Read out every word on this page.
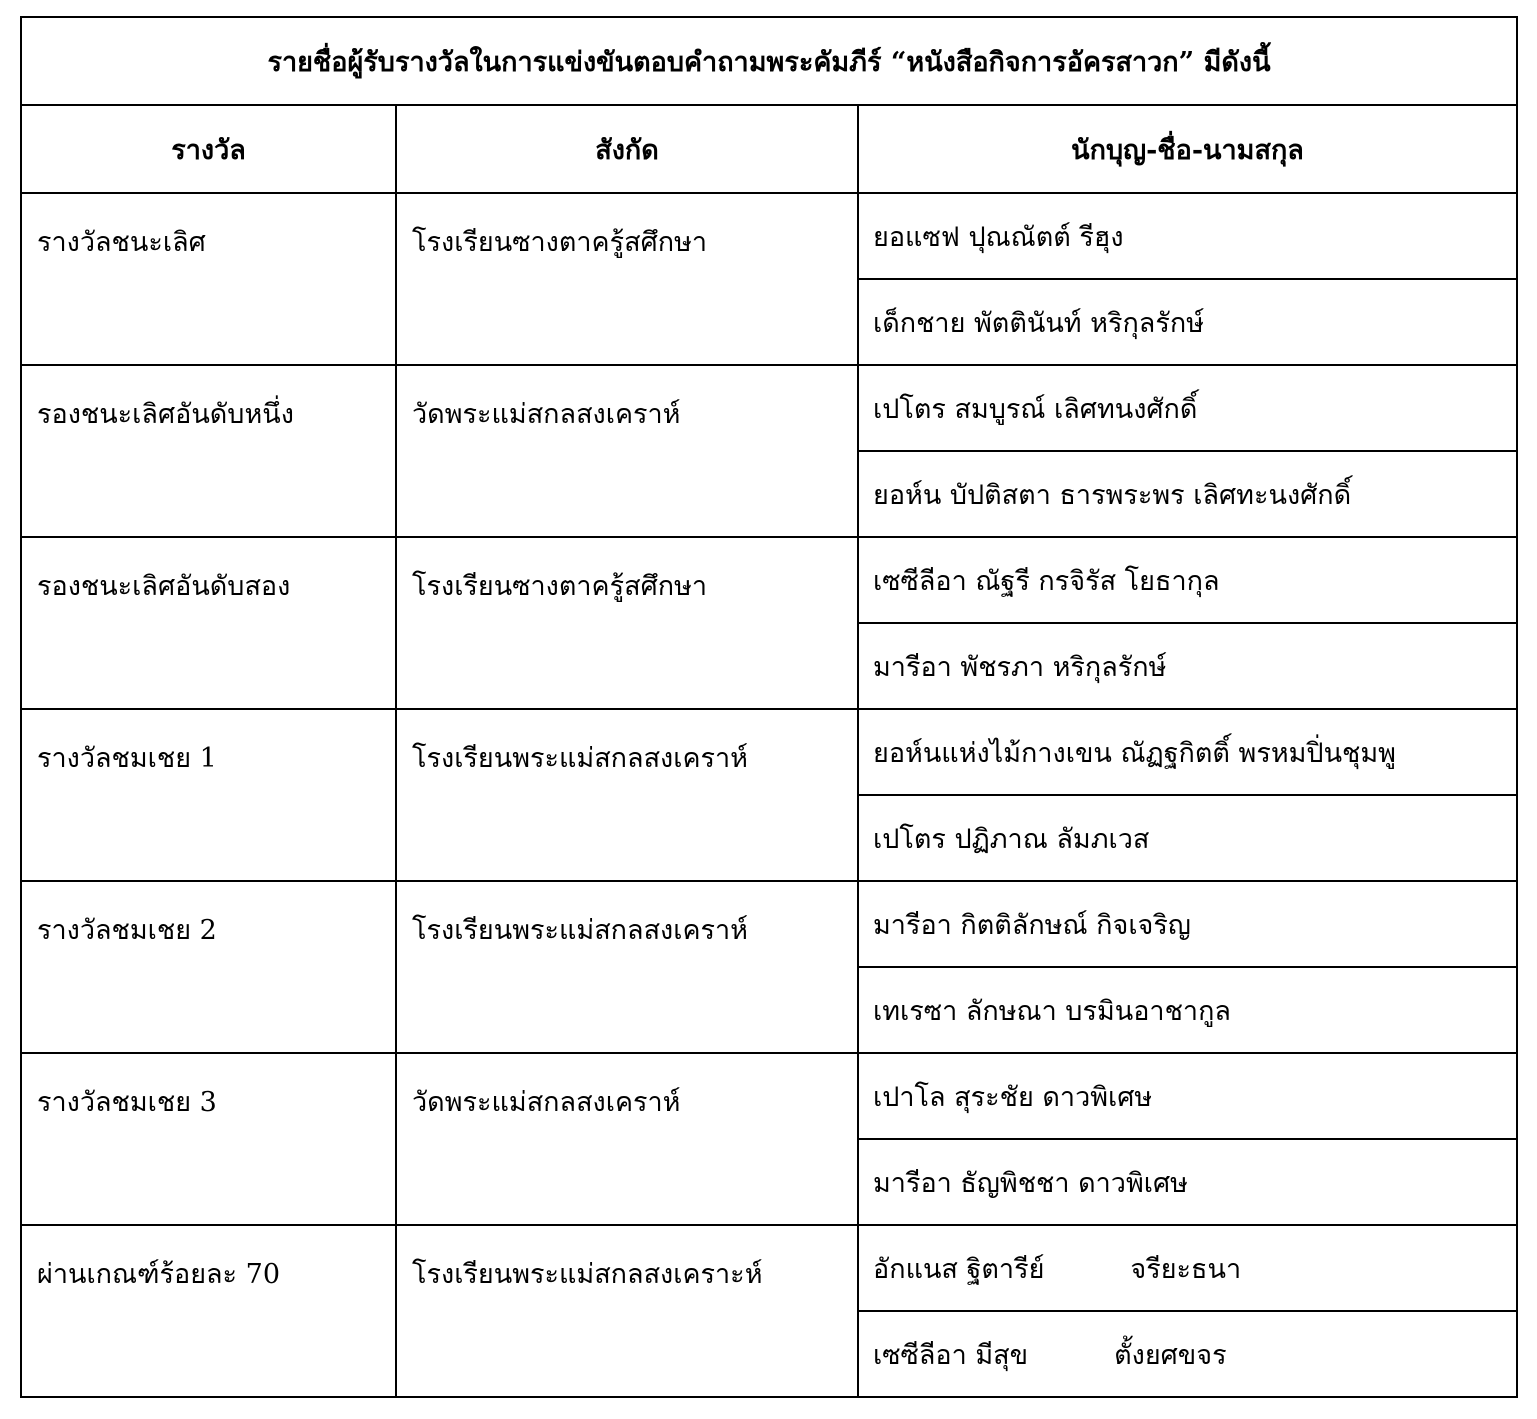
รายชื่อผู้รับรางวัลในการแข่งขันตอบคำถามพระคัมภีร์ “หนังสือกิจการอัครสาวก” มีดังนี้		
รางวัล	สังกัด	นักบุญ-ชื่อ-นามสกุล
รางวัลชนะเลิศ	โรงเรียนซางตาครู้สศึกษา	ยอแซฟ ปุณณัตต์ รีฮุง
		เด็กชาย พัตตินันท์ หริกุลรักษ์
รองชนะเลิศอันดับหนึ่ง	วัดพระแม่สกลสงเคราห์	เปโตร สมบูรณ์ เลิศทนงศักดิ์
		ยอห์น บัปติสตา ธารพระพร เลิศทะนงศักดิ์
รองชนะเลิศอันดับสอง	โรงเรียนซางตาครู้สศึกษา	เซซีลีอา ณัฐรี กรจิรัส โยธากุล
		มารีอา พัชรภา หริกุลรักษ์
รางวัลชมเชย 1	โรงเรียนพระแม่สกลสงเคราห์	ยอห์นแห่งไม้กางเขน ณัฏฐกิตติ์ พรหมปิ่นชุมพู
		เปโตร ปฏิภาณ ลัมภเวส
รางวัลชมเชย 2	โรงเรียนพระแม่สกลสงเคราห์	มารีอา กิตติลักษณ์ กิจเจริญ
		เทเรซา ลักษณา บรมินอาชากูล
รางวัลชมเชย 3	วัดพระแม่สกลสงเคราห์	เปาโล สุระชัย ดาวพิเศษ
		มารีอา ธัญพิชชา ดาวพิเศษ
ผ่านเกณฑ์ร้อยละ 70	โรงเรียนพระแม่สกลสงเคราะห์	อักแนส ฐิตารีย์ จรียะธนา
		เซซีลีอา มีสุข ตั้งยศขจร
